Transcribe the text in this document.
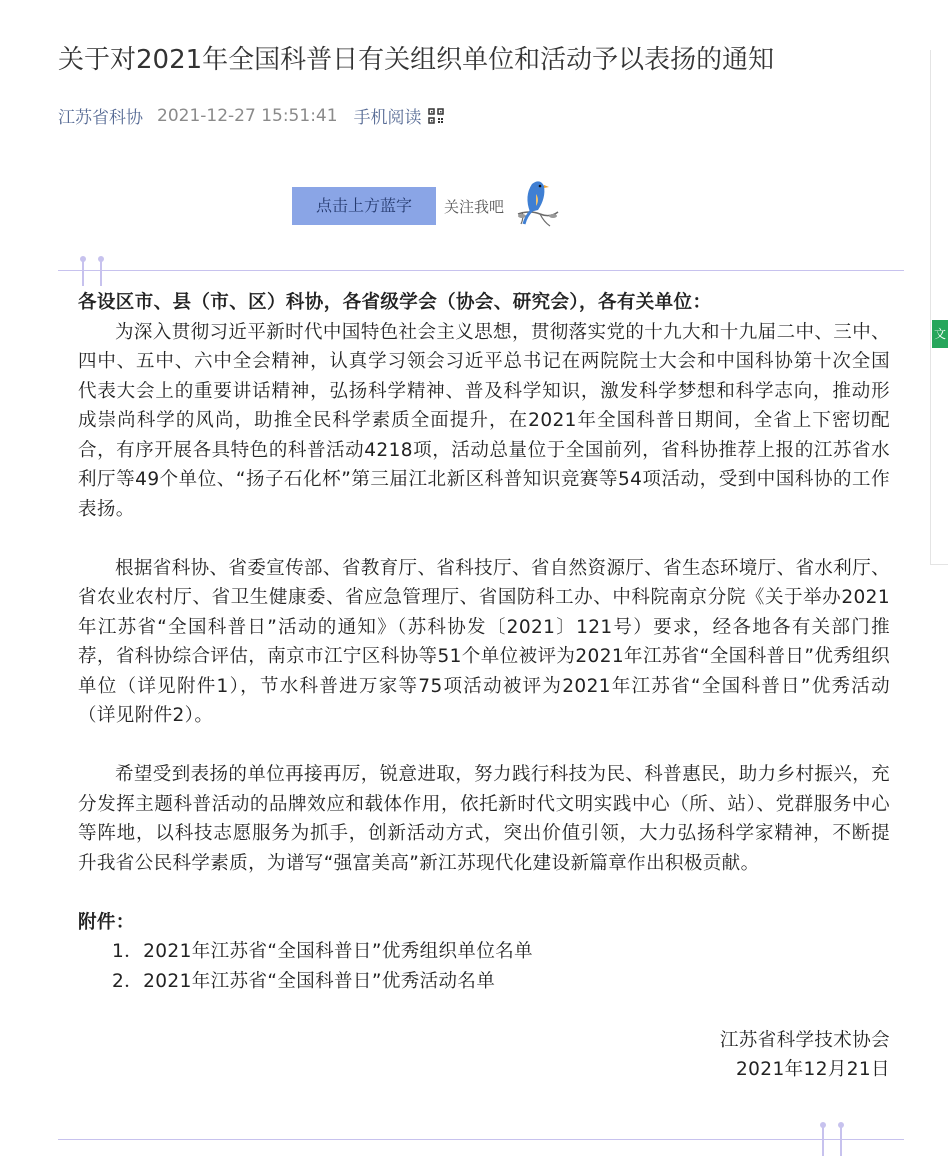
关于对2021年全国科普日有关组织单位和活动予以表扬的通知
江苏省科协 2021-12-27 15:51:41 手机阅读
点击上方蓝字	关注我吧

各设区市、县（市、区）科协，各省级学会（协会、研究会），各有关单位：

为深入贯彻习近平新时代中国特色社会主义思想，贯彻落实党的十九大和十九届二中、三中、四中、五中、六中全会精神，认真学习领会习近平总书记在两院院士大会和中国科协第十次全国代表大会上的重要讲话精神，弘扬科学精神、普及科学知识，激发科学梦想和科学志向，推动形成崇尚科学的风尚，助推全民科学素质全面提升，在2021年全国科普日期间，全省上下密切配合，有序开展各具特色的科普活动4218项，活动总量位于全国前列，省科协推荐上报的江苏省水利厅等49个单位、“扬子石化杯”第三届江北新区科普知识竞赛等54项活动，受到中国科协的工作表扬。

根据省科协、省委宣传部、省教育厅、省科技厅、省自然资源厅、省生态环境厅、省水利厅、省农业农村厅、省卫生健康委、省应急管理厅、省国防科工办、中科院南京分院《关于举办2021年江苏省“全国科普日”活动的通知》（苏科协发〔2021〕121号）要求，经各地各有关部门推荐，省科协综合评估，南京市江宁区科协等51个单位被评为2021年江苏省“全国科普日”优秀组织单位（详见附件1），节水科普进万家等75项活动被评为2021年江苏省“全国科普日”优秀活动（详见附件2）。

希望受到表扬的单位再接再厉，锐意进取，努力践行科技为民、科普惠民，助力乡村振兴，充分发挥主题科普活动的品牌效应和载体作用，依托新时代文明实践中心（所、站）、党群服务中心等阵地，以科技志愿服务为抓手，创新活动方式，突出价值引领，大力弘扬科学家精神，不断提升我省公民科学素质，为谱写“强富美高”新江苏现代化建设新篇章作出积极贡献。

附件：

1．2021年江苏省“全国科普日”优秀组织单位名单

2．2021年江苏省“全国科普日”优秀活动名单

江苏省科学技术协会

2021年12月21日

文
